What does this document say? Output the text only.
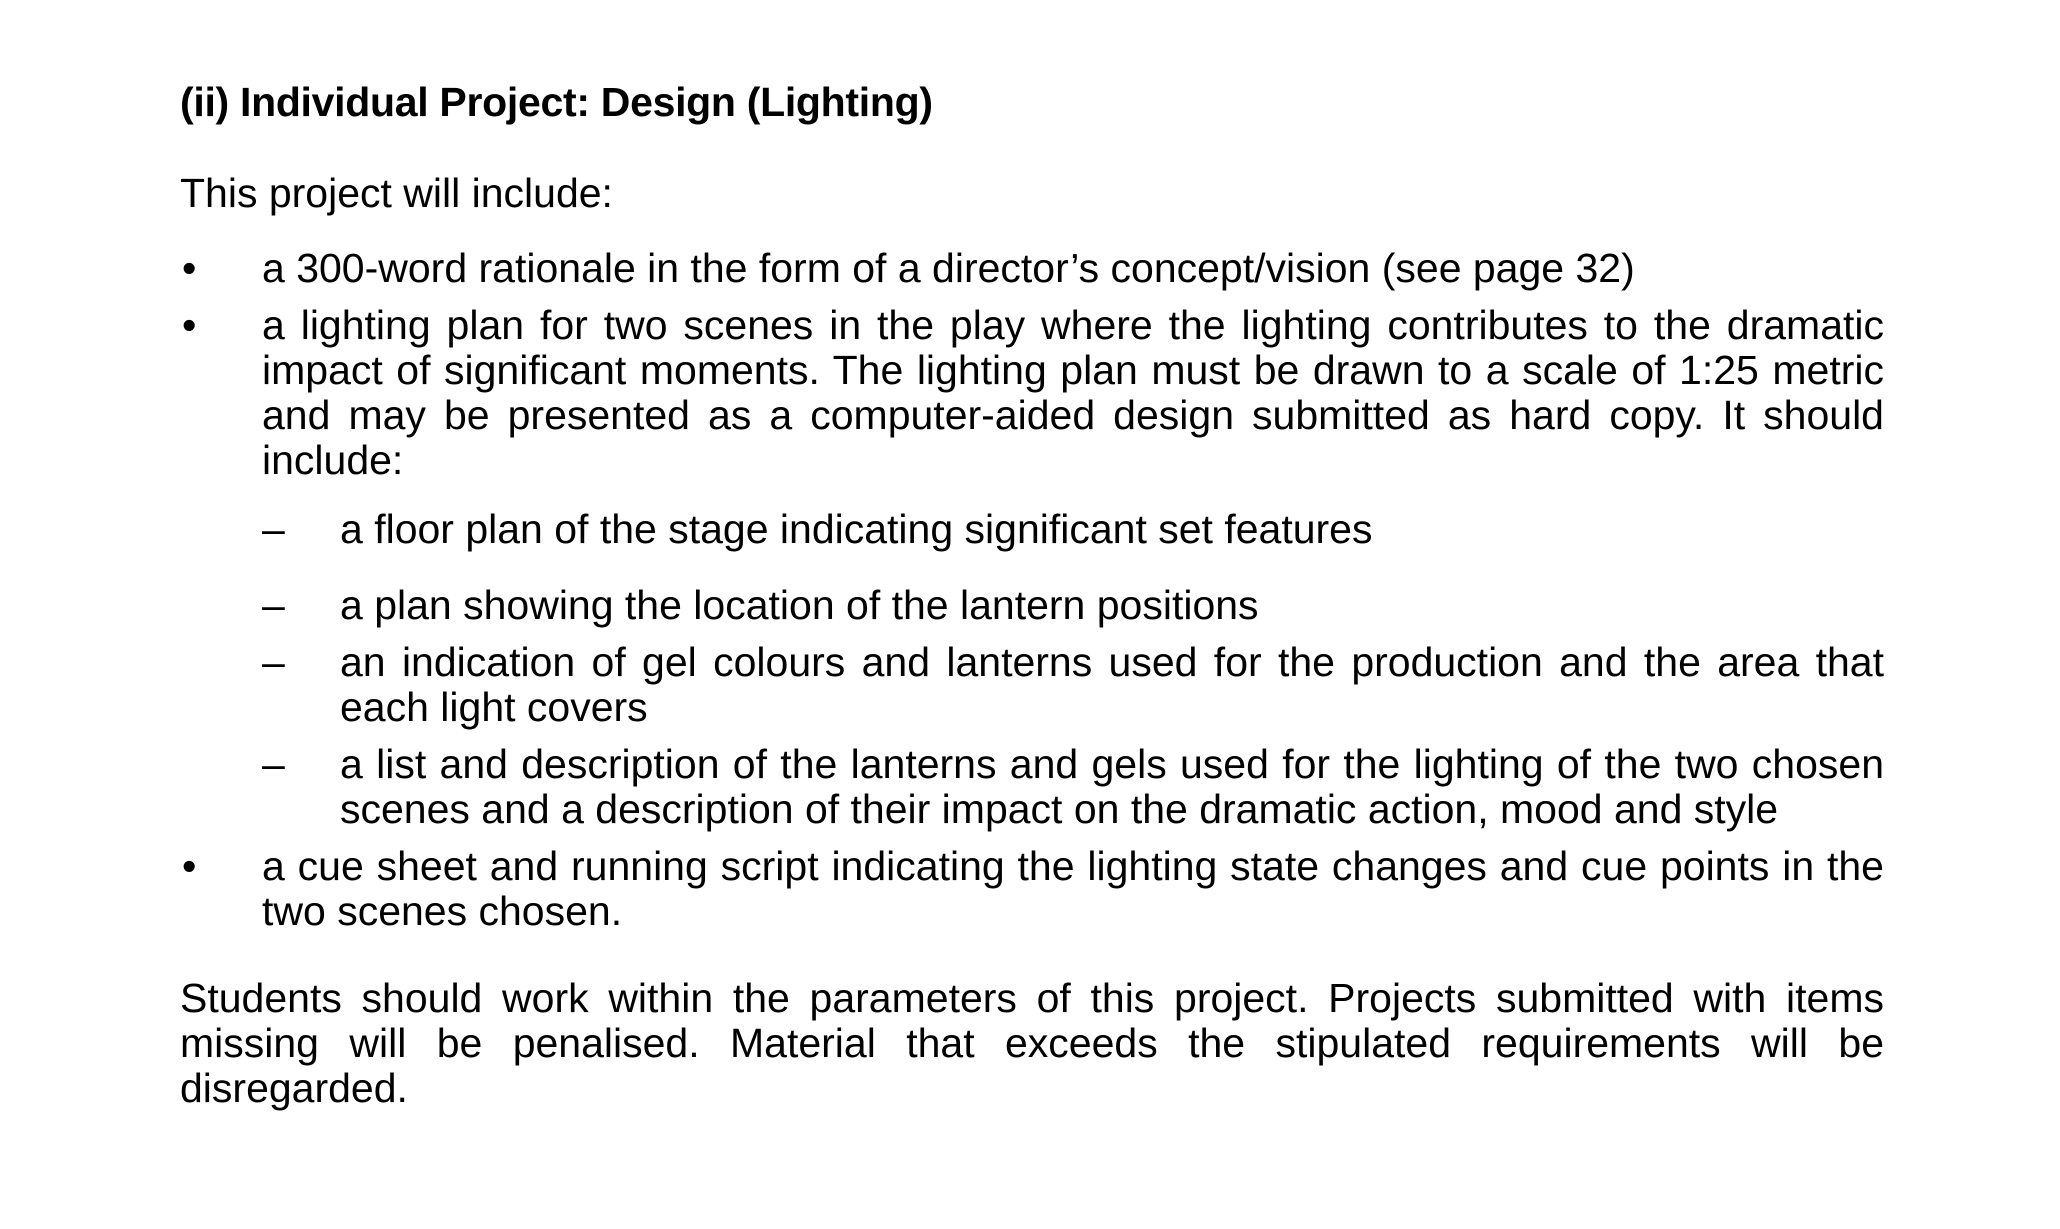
(ii) Individual Project: Design (Lighting)

This project will include:

•	a 300-word rationale in the form of a director’s concept/vision (see page 32)
•	a lighting plan for two scenes in the play where the lighting contributes to the dramatic impact of significant moments. The lighting plan must be drawn to a scale of 1:25 metric and may be presented as a computer-aided design submitted as hard copy. It should include:
–	a floor plan of the stage indicating significant set features
–	a plan showing the location of the lantern positions
–	an indication of gel colours and lanterns used for the production and the area that each light covers
–	a list and description of the lanterns and gels used for the lighting of the two chosen scenes and a description of their impact on the dramatic action, mood and style
•	a cue sheet and running script indicating the lighting state changes and cue points in the two scenes chosen.

Students should work within the parameters of this project. Projects submitted with items missing will be penalised. Material that exceeds the stipulated requirements will be disregarded.
